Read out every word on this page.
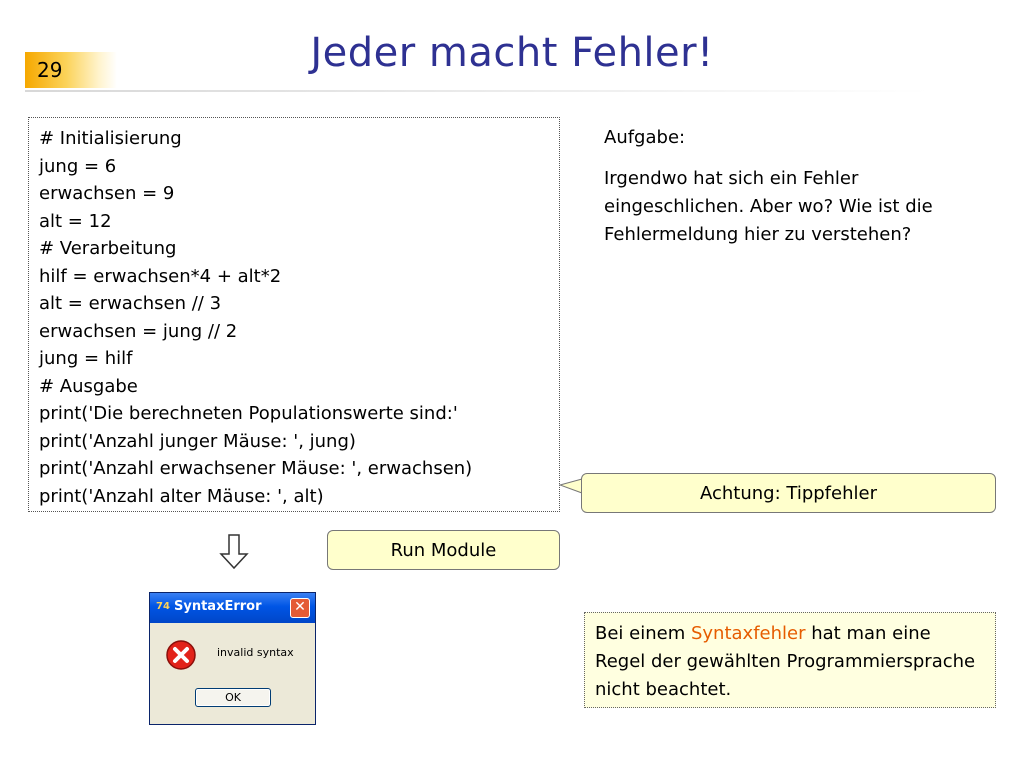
29	Jeder macht Fehler!
# Initialisierung
jung = 6
erwachsen = 9
alt = 12
# Verarbeitung
hilf = erwachsen*4 + alt*2
alt = erwachsen // 3
erwachsen = jung // 2
jung = hilf
# Ausgabe
print('Die berechneten Populationswerte sind:'
print('Anzahl junger Mäuse: ', jung)
print('Anzahl erwachsener Mäuse: ', erwachsen)
print('Anzahl alter Mäuse: ', alt)
Aufgabe:
Irgendwo hat sich ein Fehler eingeschlichen. Aber wo? Wie ist die Fehlermeldung hier zu verstehen?
Achtung: Tippfehler
Run Module
74 SyntaxError ✕
invalid syntax
OK
Bei einem Syntaxfehler hat man eine Regel der gewählten Programmiersprache nicht beachtet.
